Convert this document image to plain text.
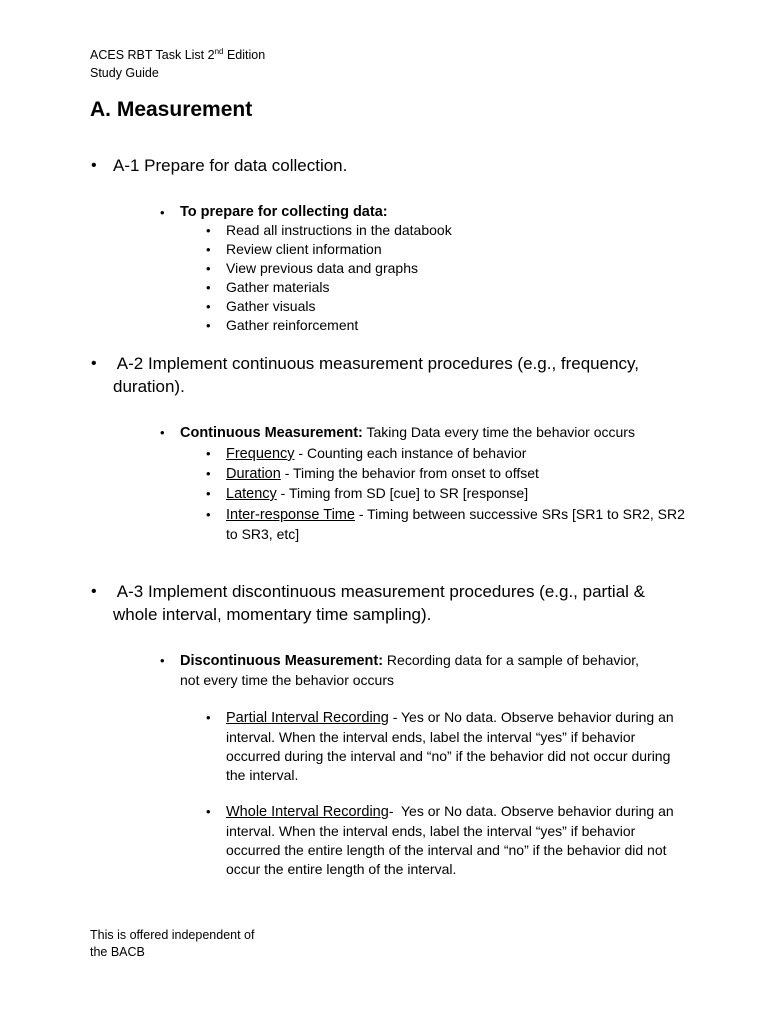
ACES RBT Task List 2nd Edition
Study Guide
A. Measurement
• A-1 Prepare for data collection.
• To prepare for collecting data:
• Read all instructions in the databook
• Review client information
• View previous data and graphs
• Gather materials
• Gather visuals
• Gather reinforcement
• A-2 Implement continuous measurement procedures (e.g., frequency,
duration).
• Continuous Measurement: Taking Data every time the behavior occurs
• Frequency - Counting each instance of behavior
• Duration - Timing the behavior from onset to offset
• Latency - Timing from SD [cue] to SR [response]
• Inter-response Time - Timing between successive SRs [SR1 to SR2, SR2
to SR3, etc]
• A-3 Implement discontinuous measurement procedures (e.g., partial &
whole interval, momentary time sampling).
• Discontinuous Measurement: Recording data for a sample of behavior,
not every time the behavior occurs
• Partial Interval Recording - Yes or No data. Observe behavior during an
interval. When the interval ends, label the interval “yes” if behavior
occurred during the interval and “no” if the behavior did not occur during
the interval.
• Whole Interval Recording-  Yes or No data. Observe behavior during an
interval. When the interval ends, label the interval “yes” if behavior
occurred the entire length of the interval and “no” if the behavior did not
occur the entire length of the interval.
This is offered independent of
the BACB
